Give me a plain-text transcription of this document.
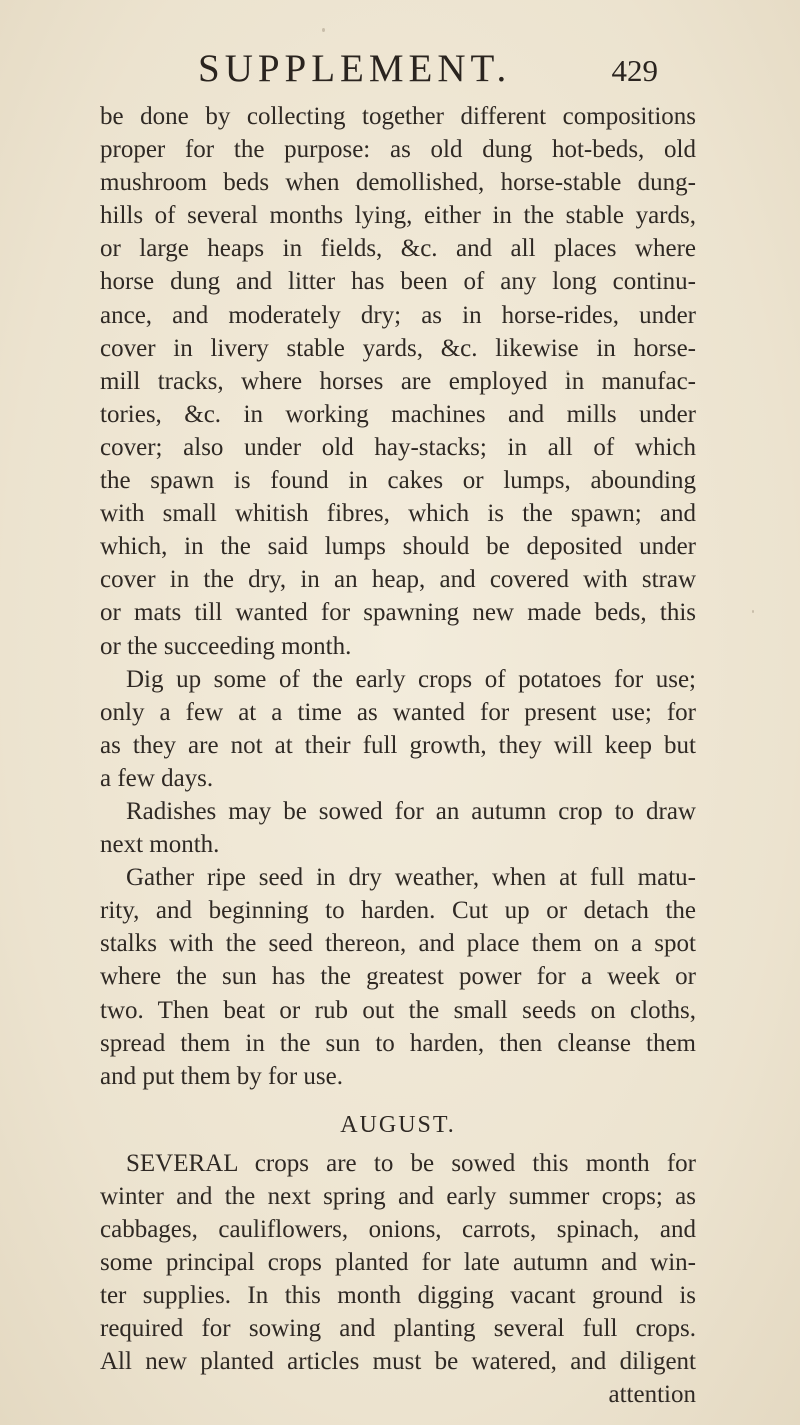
SUPPLEMENT.	429
be done by collecting together different compositions
proper for the purpose: as old dung hot-beds, old
mushroom beds when demollished, horse-stable dung-
hills of several months lying, either in the stable yards,
or large heaps in fields, &c. and all places where
horse dung and litter has been of any long continu-
ance, and moderately dry; as in horse-rides, under
cover in livery stable yards, &c. likewise in horse-
mill tracks, where horses are employed in manufac-
tories, &c. in working machines and mills under
cover; also under old hay-stacks; in all of which
the spawn is found in cakes or lumps, abounding
with small whitish fibres, which is the spawn; and
which, in the said lumps should be deposited under
cover in the dry, in an heap, and covered with straw
or mats till wanted for spawning new made beds, this
or the succeeding month.
Dig up some of the early crops of potatoes for use;
only a few at a time as wanted for present use; for
as they are not at their full growth, they will keep but
a few days.
Radishes may be sowed for an autumn crop to draw
next month.
Gather ripe seed in dry weather, when at full matu-
rity, and beginning to harden. Cut up or detach the
stalks with the seed thereon, and place them on a spot
where the sun has the greatest power for a week or
two. Then beat or rub out the small seeds on cloths,
spread them in the sun to harden, then cleanse them
and put them by for use.
AUGUST.
SEVERAL crops are to be sowed this month for
winter and the next spring and early summer crops; as
cabbages, cauliflowers, onions, carrots, spinach, and
some principal crops planted for late autumn and win-
ter supplies. In this month digging vacant ground is
required for sowing and planting several full crops.
All new planted articles must be watered, and diligent
attention
